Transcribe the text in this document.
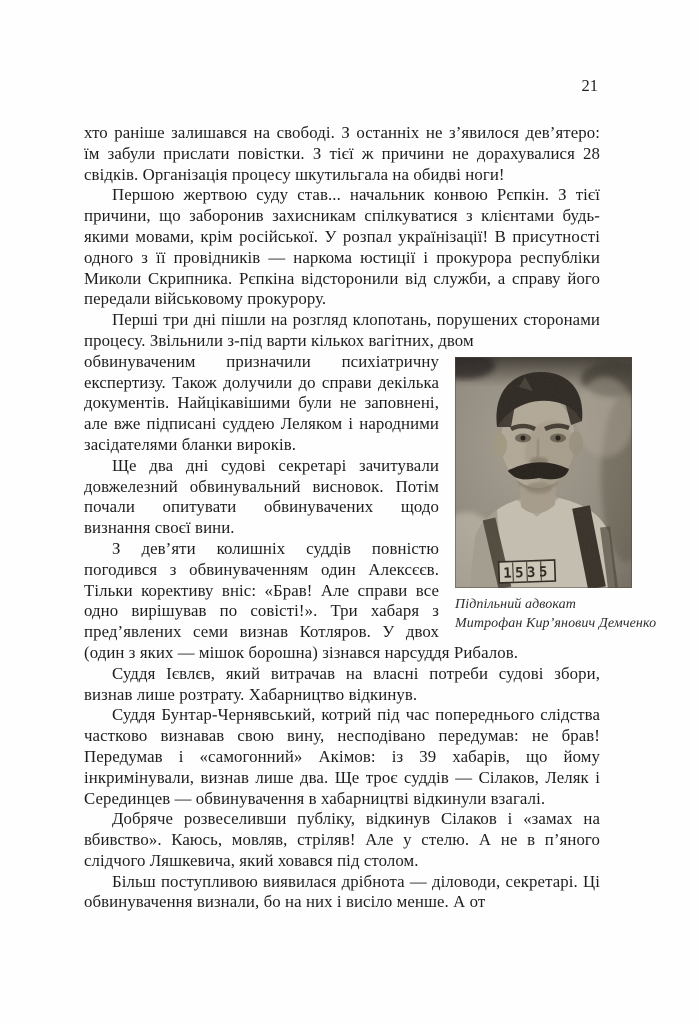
21

хто раніше залишався на свободі. З останніх не з’явилося дев’ятеро: їм забули прислати повістки. З тієї ж причини не дорахувалися 28 свідків. Організація процесу шкутильгала на обидві ноги!

Першою жертвою суду став... начальник конвою Рєпкін. З тієї причини, що заборонив захисникам спілкуватися з клієнтами будь-якими мовами, крім російської. У розпал українізації! В присутності одного з її провідників — наркома юстиції і прокурора республіки Миколи Скрипника. Рєпкіна відсторонили від служби, а справу його передали військовому прокурору.

Перші три дні пішли на розгляд клопотань, порушених сторонами процесу. Звільнили з-під варти кількох вагітних, двом

Підпільний адвокат
Митрофан Кир’янович Демченко

обвинуваченим призначили психіатричну експертизу. Також долучили до справи декілька документів. Найцікавішими були не заповнені, але вже підписані суддею Леляком і народними засідателями бланки вироків.

Ще два дні судові секретарі зачитували довжелезний обвинувальний висновок. Потім почали опитувати обвинувачених щодо визнання своєї вини.

З дев’яти колишніх суддів повністю погодився з обвинуваченням один Алексєєв. Тільки корективу вніс: «Брав! Але справи все одно вирішував по совісті!». Три хабаря з пред’явлених семи визнав Котляров. У двох (один з яких — мішок борошна) зізнався нарсуддя Рибалов.

Суддя Ієвлєв, який витрачав на власні потреби судові збори, визнав лише розтрату. Хабарництво відкинув.

Суддя Бунтар-Чернявський, котрий під час попереднього слідства частково визнавав свою вину, несподівано передумав: не брав! Передумав і «самогонний» Акімов: із 39 хабарів, що йому інкримінували, визнав лише два. Ще троє суддів — Сілаков, Леляк і Серединцев — обвинувачення в хабарництві відкинули взагалі.

Добряче розвеселивши публіку, відкинув Сілаков і «замах на вбивство». Каюсь, мовляв, стріляв! Але у стелю. А не в п’яного слідчого Ляшкевича, який ховався під столом.

Більш поступливою виявилася дрібнота — діловоди, секретарі. Ці обвинувачення визнали, бо на них і висіло менше. А от
